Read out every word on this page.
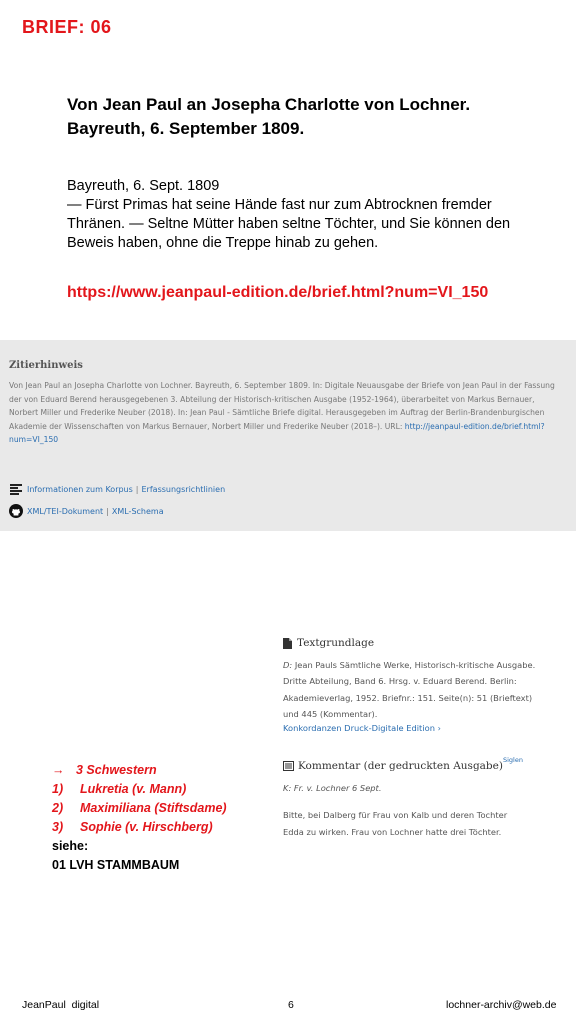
BRIEF: 06
Von Jean Paul an Josepha Charlotte von Lochner.
Bayreuth, 6. September 1809.
Bayreuth, 6. Sept. 1809
— Fürst Primas hat seine Hände fast nur zum Abtrocknen fremder
Thränen. — Seltne Mütter haben seltne Töchter, und Sie können den
Beweis haben, ohne die Treppe hinab zu gehen.
https://www.jeanpaul-edition.de/brief.html?num=VI_150
Zitierhinweis
Von Jean Paul an Josepha Charlotte von Lochner. Bayreuth, 6. September 1809. In: Digitale Neuausgabe der Briefe von Jean Paul in der Fassung der von Eduard Berend herausgegebenen 3. Abteilung der Historisch-kritischen Ausgabe (1952-1964), überarbeitet von Markus Bernauer, Norbert Miller und Frederike Neuber (2018). In: Jean Paul - Sämtliche Briefe digital. Herausgegeben im Auftrag der Berlin-Brandenburgischen Akademie der Wissenschaften von Markus Bernauer, Norbert Miller und Frederike Neuber (2018–). URL: http://jeanpaul-edition.de/brief.html?num=VI_150
Informationen zum Korpus | Erfassungsrichtlinien
XML/TEI-Dokument | XML-Schema
Textgrundlage
D: Jean Pauls Sämtliche Werke, Historisch-kritische Ausgabe. Dritte Abteilung, Band 6. Hrsg. v. Eduard Berend. Berlin: Akademieverlag, 1952. Briefnr.: 151. Seite(n): 51 (Brieftext) und 445 (Kommentar).
Konkordanzen Druck-Digitale Edition ›
Kommentar (der gedruckten Ausgabe) Siglen
K: Fr. v. Lochner 6 Sept.
Bitte, bei Dalberg für Frau von Kalb und deren Tochter Edda zu wirken. Frau von Lochner hatte drei Töchter.
→ 3 Schwestern
1) Lukretia (v. Mann)
2) Maximiliana (Stiftsdame)
3) Sophie (v. Hirschberg)
siehe:
01 LVH STAMMBAUM
JeanPaul  digital	6	lochner-archiv@web.de
